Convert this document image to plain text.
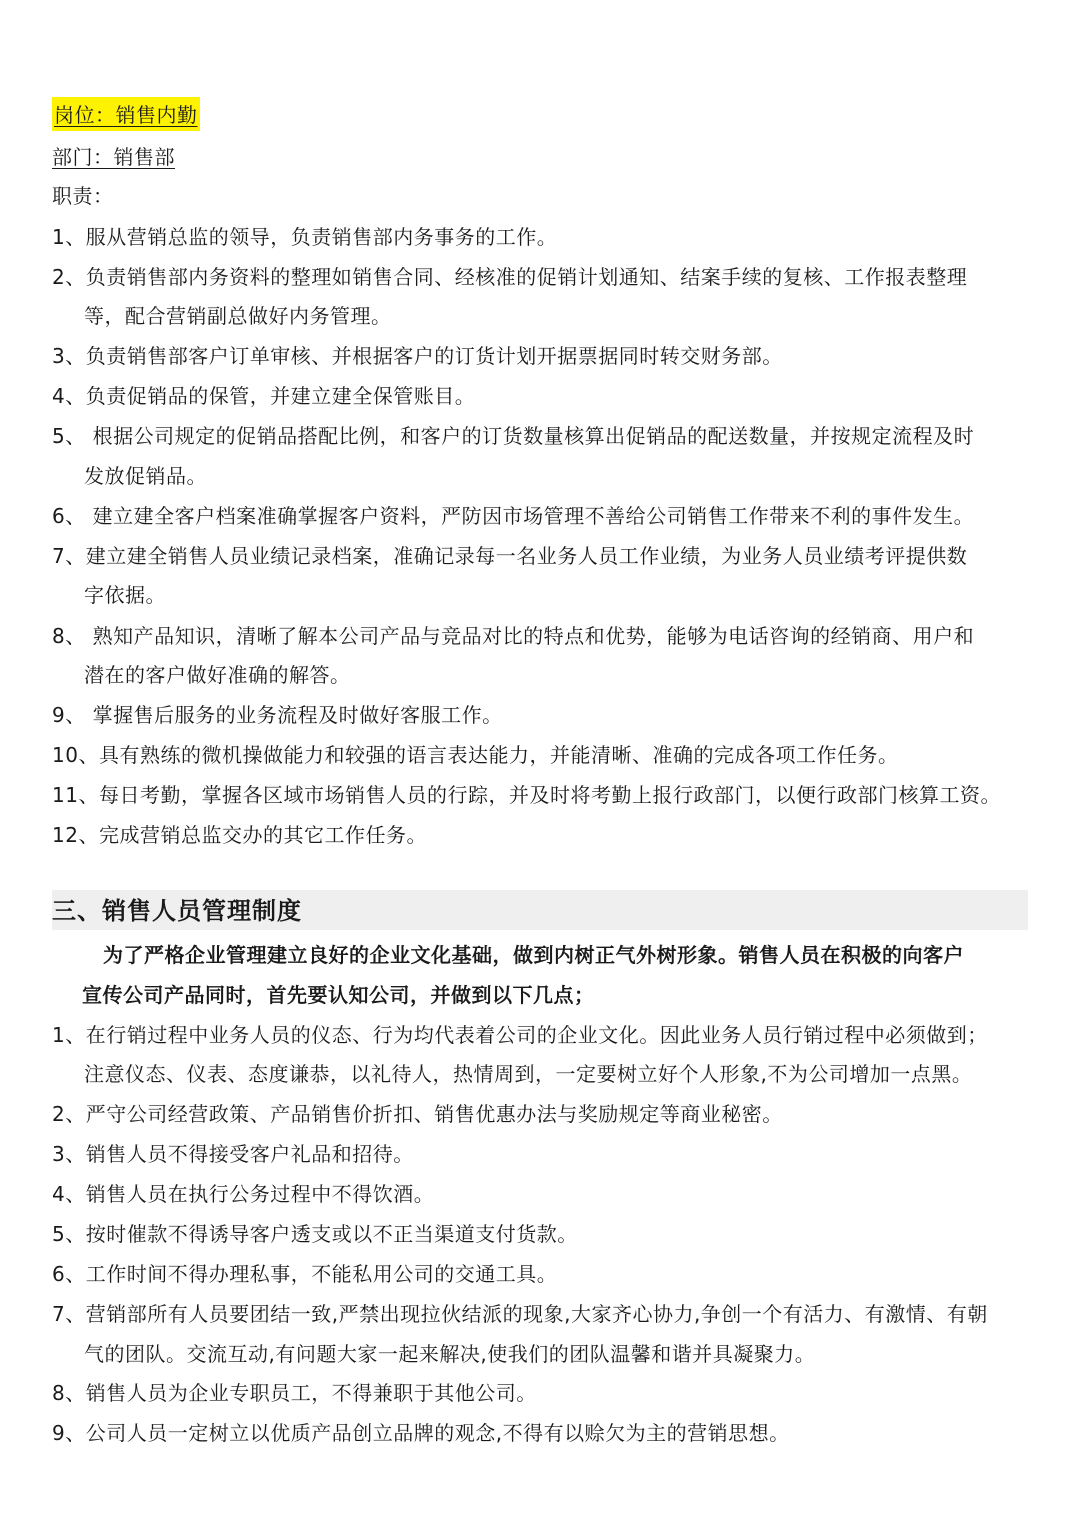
岗位：销售内勤
部门：销售部
职责：
1、服从营销总监的领导，负责销售部内务事务的工作。
2、负责销售部内务资料的整理如销售合同、经核准的促销计划通知、结案手续的复核、工作报表整理
等，配合营销副总做好内务管理。
3、负责销售部客户订单审核、并根据客户的订货计划开据票据同时转交财务部。
4、负责促销品的保管，并建立建全保管账目。
5、 根据公司规定的促销品搭配比例，和客户的订货数量核算出促销品的配送数量，并按规定流程及时
发放促销品。
6、 建立建全客户档案准确掌握客户资料，严防因市场管理不善给公司销售工作带来不利的事件发生。
7、建立建全销售人员业绩记录档案，准确记录每一名业务人员工作业绩，为业务人员业绩考评提供数
字依据。
8、 熟知产品知识，清晰了解本公司产品与竞品对比的特点和优势，能够为电话咨询的经销商、用户和
潜在的客户做好准确的解答。
9、 掌握售后服务的业务流程及时做好客服工作。
10、具有熟练的微机操做能力和较强的语言表达能力，并能清晰、准确的完成各项工作任务。
11、每日考勤，掌握各区域市场销售人员的行踪，并及时将考勤上报行政部门，以便行政部门核算工资。
12、完成营销总监交办的其它工作任务。
三、销售人员管理制度
为了严格企业管理建立良好的企业文化基础，做到内树正气外树形象。销售人员在积极的向客户
宣传公司产品同时，首先要认知公司，并做到以下几点；
1、在行销过程中业务人员的仪态、行为均代表着公司的企业文化。因此业务人员行销过程中必须做到；
注意仪态、仪表、态度谦恭，以礼待人，热情周到，一定要树立好个人形象,不为公司增加一点黑。
2、严守公司经营政策、产品销售价折扣、销售优惠办法与奖励规定等商业秘密。
3、销售人员不得接受客户礼品和招待。
4、销售人员在执行公务过程中不得饮酒。
5、按时催款不得诱导客户透支或以不正当渠道支付货款。
6、工作时间不得办理私事，不能私用公司的交通工具。
7、营销部所有人员要团结一致,严禁出现拉伙结派的现象,大家齐心协力,争创一个有活力、有激情、有朝
气的团队。交流互动,有问题大家一起来解决,使我们的团队温馨和谐并具凝聚力。
8、销售人员为企业专职员工，不得兼职于其他公司。
9、公司人员一定树立以优质产品创立品牌的观念,不得有以赊欠为主的营销思想。
